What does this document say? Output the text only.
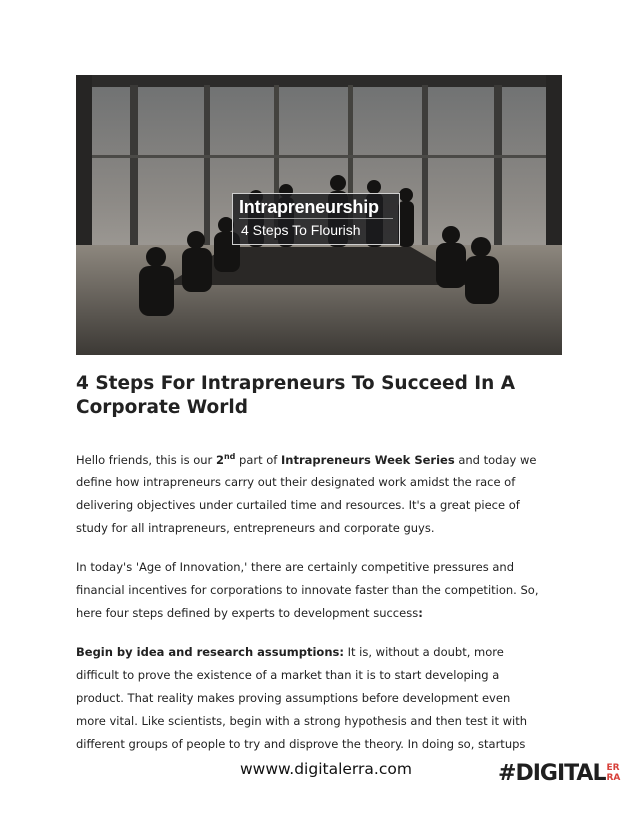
Intrapreneurship
4 Steps To Flourish
4 Steps For Intrapreneurs To Succeed In A Corporate World
Hello friends, this is our 2nd part of Intrapreneurs Week Series and today we
define how intrapreneurs carry out their designated work amidst the race of
delivering objectives under curtailed time and resources. It's a great piece of
study for all intrapreneurs, entrepreneurs and corporate guys.
In today's 'Age of Innovation,' there are certainly competitive pressures and
financial incentives for corporations to innovate faster than the competition. So,
here four steps defined by experts to development success:
Begin by idea and research assumptions: It is, without a doubt, more
difficult to prove the existence of a market than it is to start developing a
product. That reality makes proving assumptions before development even
more vital. Like scientists, begin with a strong hypothesis and then test it with
different groups of people to try and disprove the theory. In doing so, startups
wwww.digitalerra.com	# DIGITAL ER
RA
